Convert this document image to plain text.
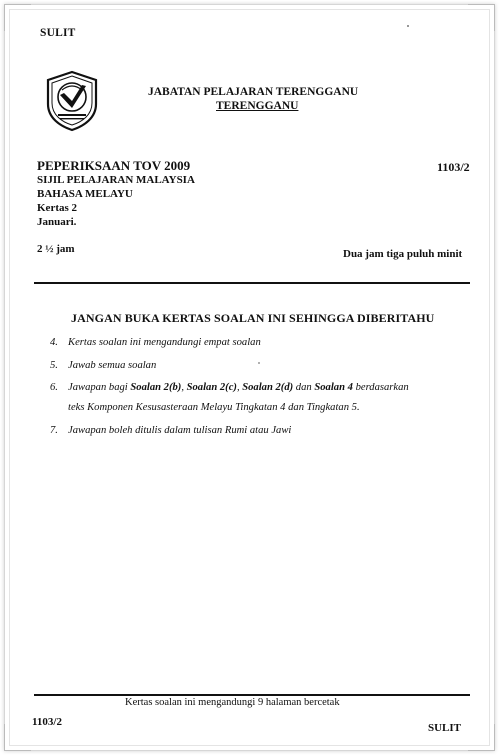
SULIT
JABATAN PELAJARAN TERENGGANU
TERENGGANU
PEPERIKSAAN TOV 2009	1103/2
SIJIL PELAJARAN MALAYSIA
BAHASA MELAYU
Kertas 2
Januari.
2 ½ jam	Dua jam tiga puluh minit
JANGAN BUKA KERTAS SOALAN INI SEHINGGA DIBERITAHU
4. Kertas soalan ini mengandungi empat soalan
5. Jawab semua soalan
6. Jawapan bagi Soalan 2(b), Soalan 2(c), Soalan 2(d) dan Soalan 4 berdasarkan
teks Komponen Kesusasteraan Melayu Tingkatan 4 dan Tingkatan 5.
7. Jawapan boleh ditulis dalam tulisan Rumi atau Jawi
Kertas soalan ini mengandungi 9 halaman bercetak
1103/2	SULIT
